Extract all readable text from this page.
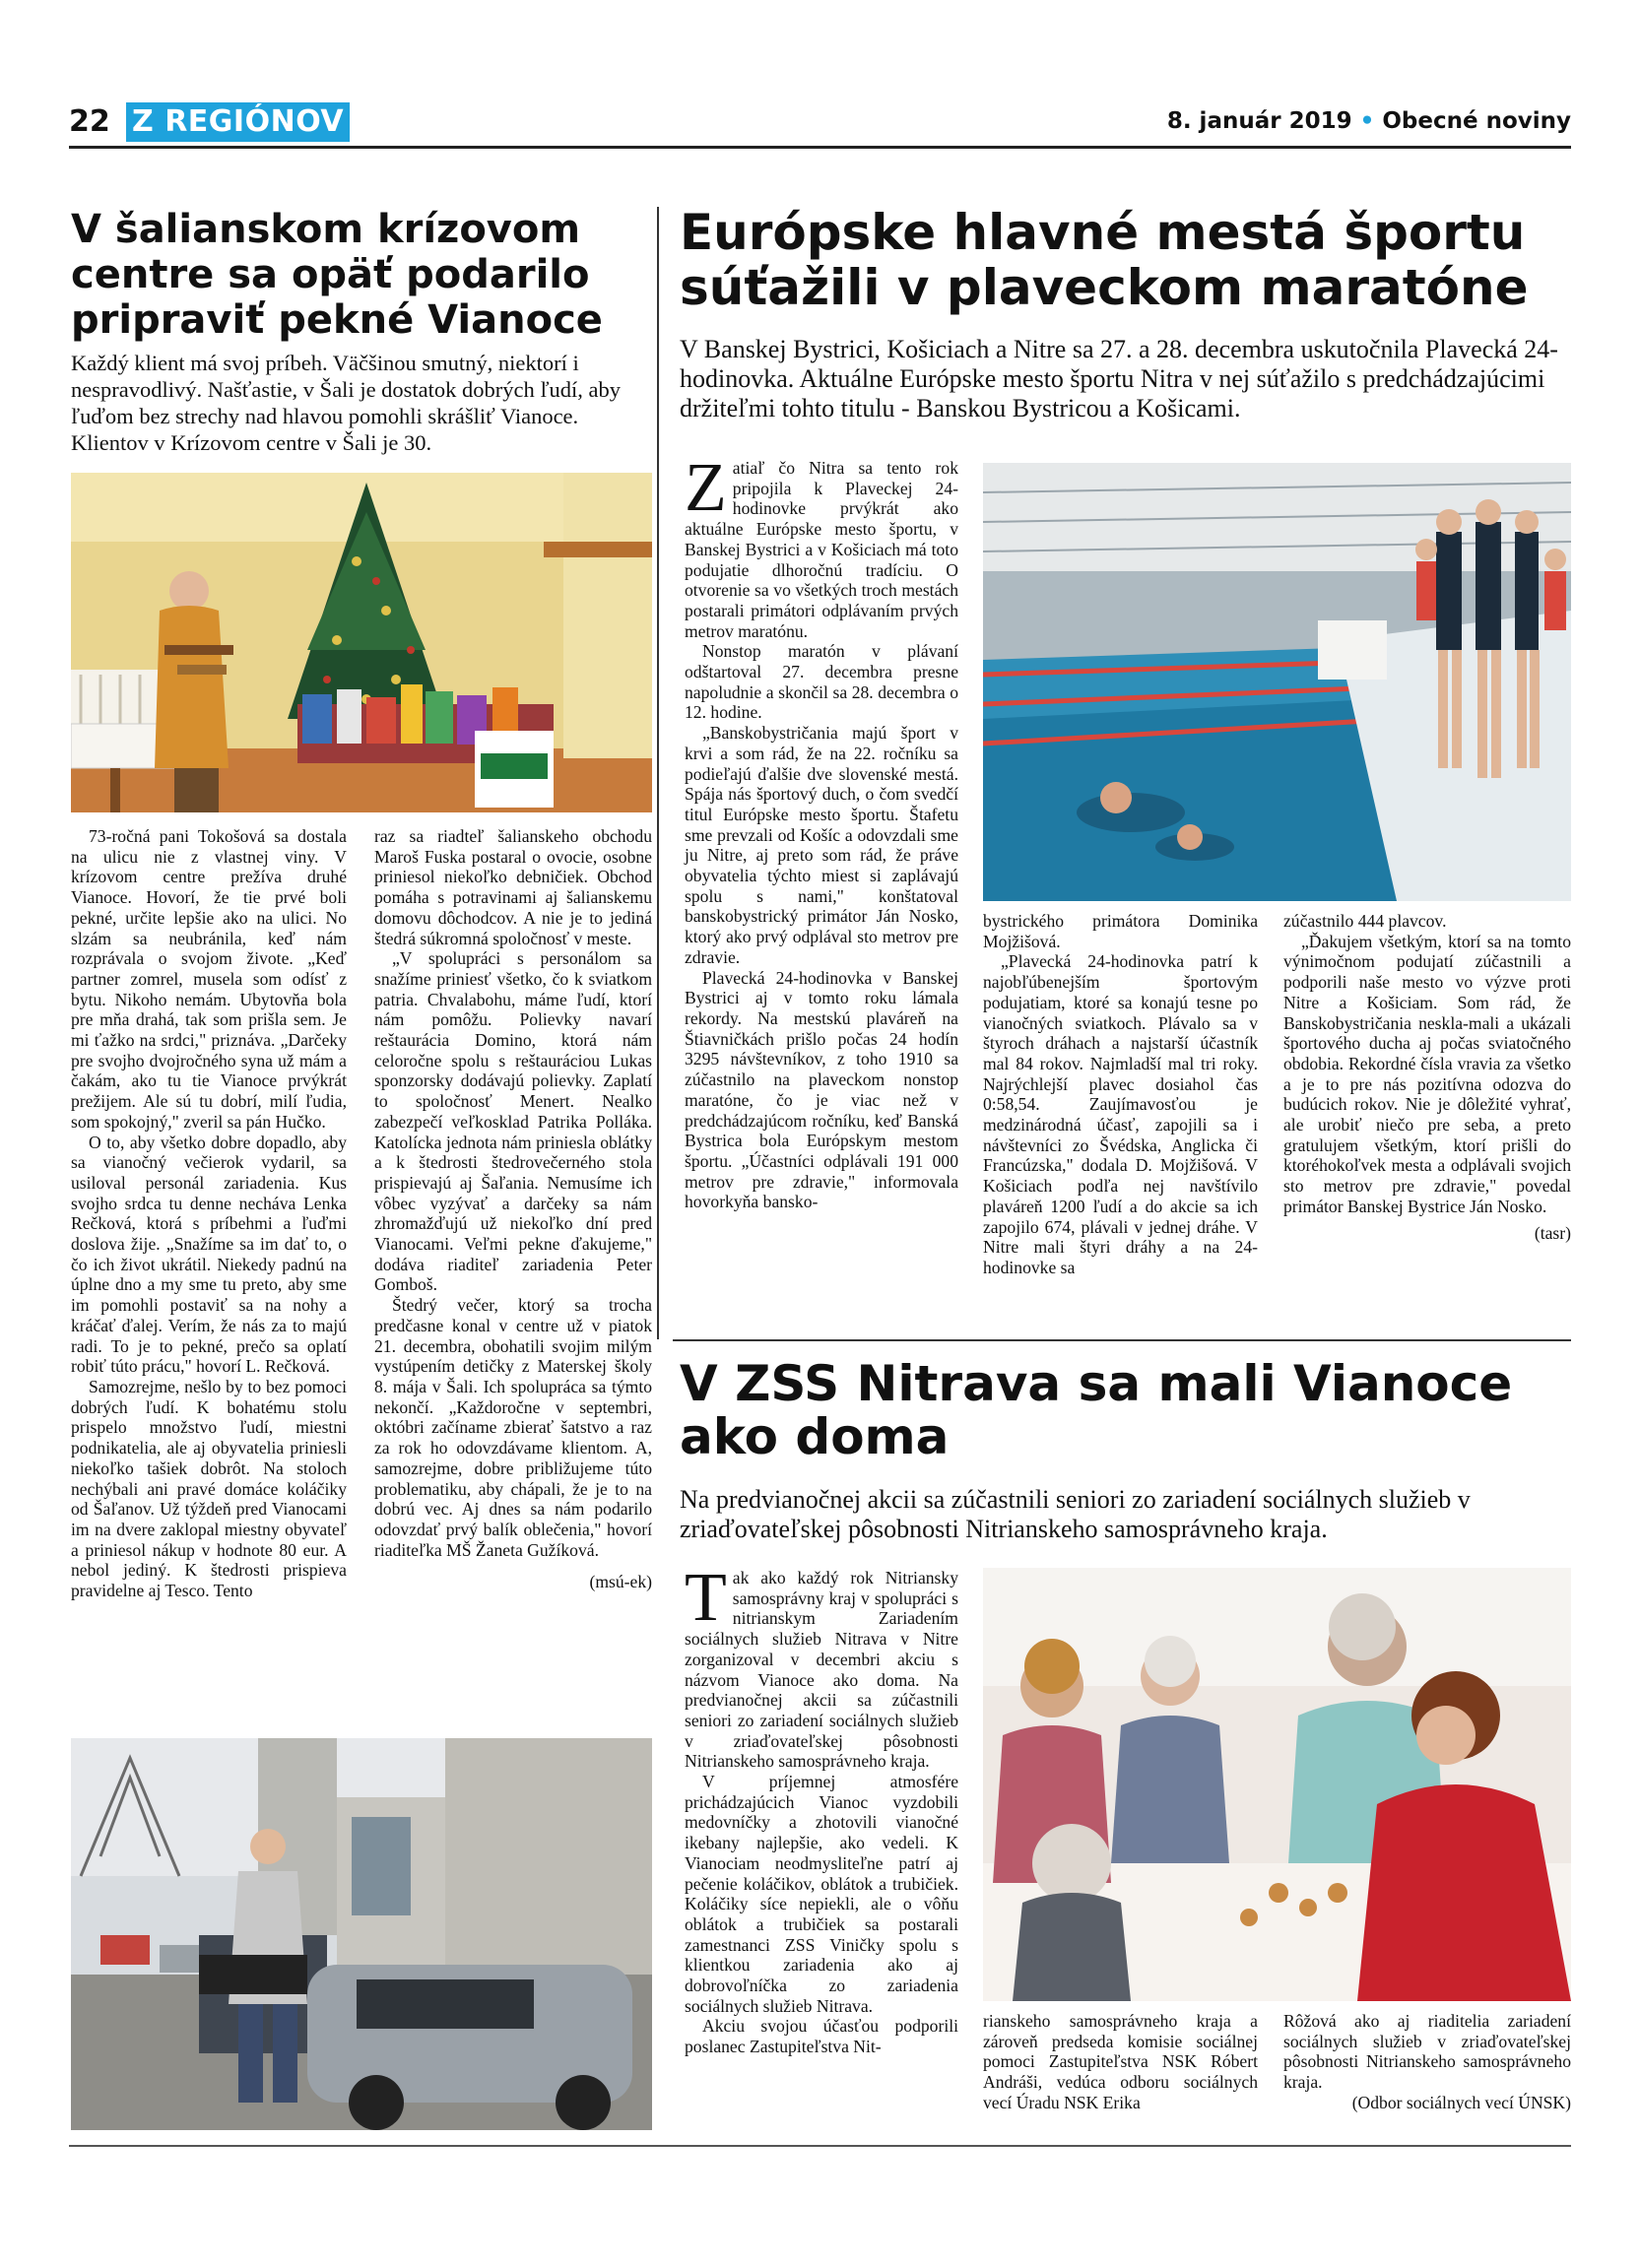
22 Z REGIÓNOV	8. január 2019 • Obecné noviny
V šalianskom krízovom centre sa opäť podarilo pripraviť pekné Vianoce
Každý klient má svoj príbeh. Väčšinou smutný, niektorí i nespravodlivý. Našťastie, v Šali je dostatok dobrých ľudí, aby ľuďom bez strechy nad hlavou pomohli skrášliť Vianoce. Klientov v Krízovom centre v Šali je 30.

73-ročná pani Tokošová sa dostala na ulicu nie z vlastnej viny. V krízovom centre prežíva druhé Vianoce. Hovorí, že tie prvé boli pekné, určite lepšie ako na ulici. No slzám sa neubránila, keď nám rozprávala o svojom živote. „Keď partner zomrel, musela som odísť z bytu. Nikoho nemám. Ubytovňa bola pre mňa drahá, tak som prišla sem. Je mi ťažko na srdci," priznáva. „Darčeky pre svojho dvojročného syna už mám a čakám, ako tu tie Vianoce prvýkrát prežijem. Ale sú tu dobrí, milí ľudia, som spokojný," zveril sa pán Hučko.

O to, aby všetko dobre dopadlo, aby sa vianočný večierok vydaril, sa usiloval personál zariadenia. Kus svojho srdca tu denne necháva Lenka Rečková, ktorá s príbehmi a ľuďmi doslova žije. „Snažíme sa im dať to, o čo ich život ukrátil. Niekedy padnú na úplne dno a my sme tu preto, aby sme im pomohli postaviť sa na nohy a kráčať ďalej. Verím, že nás za to majú radi. To je to pekné, prečo sa oplatí robiť túto prácu," hovorí L. Rečková.

Samozrejme, nešlo by to bez pomoci dobrých ľudí. K bohatému stolu prispelo množstvo ľudí, miestni podnikatelia, ale aj obyvatelia priniesli niekoľko tašiek dobrôt. Na stoloch nechýbali ani pravé domáce koláčiky od Šaľanov. Už týždeň pred Vianocami im na dvere zaklopal miestny obyvateľ a priniesol nákup v hodnote 80 eur. A nebol jediný. K štedrosti prispieva pravidelne aj Tesco. Tento

raz sa riadteľ šalianskeho obchodu Maroš Fuska postaral o ovocie, osobne priniesol niekoľko debničiek. Obchod pomáha s potravinami aj šalianskemu domovu dôchodcov. A nie je to jediná štedrá súkromná spoločnosť v meste.

„V spolupráci s personálom sa snažíme priniesť všetko, čo k sviatkom patria. Chvalabohu, máme ľudí, ktorí nám pomôžu. Polievky navarí reštaurácia Domino, ktorá nám celoročne spolu s reštauráciou Lukas sponzorsky dodávajú polievky. Zaplatí to spoločnosť Menert. Nealko zabezpečí veľkosklad Patrika Polláka. Katolícka jednota nám priniesla oblátky a k štedrosti štedrovečerného stola prispievajú aj Šaľania. Nemusíme ich vôbec vyzývať a darčeky sa nám zhromažďujú už niekoľko dní pred Vianocami. Veľmi pekne ďakujeme," dodáva riaditeľ zariadenia Peter Gomboš.

Štedrý večer, ktorý sa trocha predčasne konal v centre už v piatok 21. decembra, obohatili svojim milým vystúpením detičky z Materskej školy 8. mája v Šali. Ich spolupráca sa týmto nekončí. „Každoročne v septembri, októbri začíname zbierať šatstvo a raz za rok ho odovzdávame klientom. A, samozrejme, dobre približujeme túto problematiku, aby chápali, že je to na dobrú vec. Aj dnes sa nám podarilo odovzdať prvý balík oblečenia," hovorí riaditeľka MŠ Žaneta Gužíková.

(msú-ek)
Európske hlavné mestá športu súťažili v plaveckom maratóne
V Banskej Bystrici, Košiciach a Nitre sa 27. a 28. decembra uskutočnila Plavecká 24-hodinovka. Aktuálne Európske mesto športu Nitra v nej súťažilo s predchádzajúcimi držiteľmi tohto titulu - Banskou Bystricou a Košicami.
Z atiaľ čo Nitra sa tento rok pripojila k Plaveckej 24-hodinovke prvýkrát ako aktuálne Európske mesto športu, v Banskej Bystrici a v Košiciach má toto podujatie dlhoročnú tradíciu. O otvorenie sa vo všetkých troch mestách postarali primátori odplávaním prvých metrov maratónu.

Nonstop maratón v plávaní odštartoval 27. decembra presne napoludnie a skončil sa 28. decembra o 12. hodine.

„Banskobystričania majú šport v krvi a som rád, že na 22. ročníku sa podieľajú ďalšie dve slovenské mestá. Spája nás športový duch, o čom svedčí titul Európske mesto športu. Štafetu sme prevzali od Košíc a odovzdali sme ju Nitre, aj preto som rád, že práve obyvatelia týchto miest si zaplávajú spolu s nami," konštatoval banskobystrický primátor Ján Nosko, ktorý ako prvý odplával sto metrov pre zdravie.

Plavecká 24-hodinovka v Banskej Bystrici aj v tomto roku lámala rekordy. Na mestskú plaváreň na Štiavničkách prišlo počas 24 hodín 3295 návštevníkov, z toho 1910 sa zúčastnilo na plaveckom nonstop maratóne, čo je viac než v predchádzajúcom ročníku, keď Banská Bystrica bola Európskym mestom športu. „Účastníci odplávali 191 000 metrov pre zdravie," informovala hovorkyňa bansko-

bystrického primátora Dominika Mojžišová.

„Plavecká 24-hodinovka patrí k najobľúbenejším športovým podujatiam, ktoré sa konajú tesne po vianočných sviatkoch. Plávalo sa v štyroch dráhach a najstarší účastník mal 84 rokov. Najmladší mal tri roky. Najrýchlejší plavec dosiahol čas 0:58,54. Zaujímavosťou je medzinárodná účasť, zapojili sa i návštevníci zo Švédska, Anglicka či Francúzska," dodala D. Mojžišová. V Košiciach podľa nej navštívilo plaváreň 1200 ľudí a do akcie sa ich zapojilo 674, plávali v jednej dráhe. V Nitre mali štyri dráhy a na 24-hodinovke sa

zúčastnilo 444 plavcov.

„Ďakujem všetkým, ktorí sa na tomto výnimočnom podujatí zúčastnili a podporili naše mesto vo výzve proti Nitre a Košiciam. Som rád, že Banskobystričania neskla-mali a ukázali športového ducha aj počas sviatočného obdobia. Rekordné čísla vravia za všetko a je to pre nás pozitívna odozva do budúcich rokov. Nie je dôležité vyhrať, ale urobiť niečo pre seba, a preto gratulujem všetkým, ktorí prišli do ktoréhokoľvek mesta a odplávali svojich sto metrov pre zdravie," povedal primátor Banskej Bystrice Ján Nosko.

(tasr)
V ZSS Nitrava sa mali Vianoce ako doma
Na predvianočnej akcii sa zúčastnili seniori zo zariadení sociálnych služieb v zriaďovateľskej pôsobnosti Nitrianskeho samosprávneho kraja.
T ak ako každý rok Nitriansky samosprávny kraj v spolupráci s nitrianskym Zariadením sociálnych služieb Nitrava v Nitre zorganizoval v decembri akciu s názvom Vianoce ako doma. Na predvianočnej akcii sa zúčastnili seniori zo zariadení sociálnych služieb v zriaďovateľskej pôsobnosti Nitrianskeho samosprávneho kraja.

V príjemnej atmosfére prichádzajúcich Vianoc vyzdobili medovníčky a zhotovili vianočné ikebany najlepšie, ako vedeli. K Vianociam neodmysliteľne patrí aj pečenie koláčikov, oblátok a trubičiek. Koláčiky síce nepiekli, ale o vôňu oblátok a trubičiek sa postarali zamestnanci ZSS Viničky spolu s klientkou zariadenia ako aj dobrovoľníčka zo zariadenia sociálnych služieb Nitrava.

Akciu svojou účasťou podporili poslanec Zastupiteľstva Nit-

rianskeho samosprávneho kraja a zároveň predseda komisie sociálnej pomoci Zastupiteľstva NSK Róbert Andráši, vedúca odboru sociálnych vecí Úradu NSK Erika

Rôžová ako aj riaditelia zariadení sociálnych služieb v zriaďovateľskej pôsobnosti Nitrianskeho samosprávneho kraja.

(Odbor sociálnych vecí ÚNSK)
